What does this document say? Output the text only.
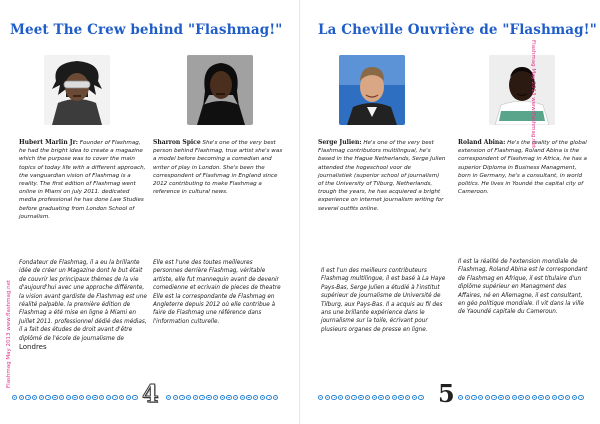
Meet The Crew behind "Flashmag!"
Hubert Marlin Jr: Founder of Flashmag, he had the bright idea to create a magazine which the purpose was to cover the main topics of today life with a different approach, the vanguardian vision of Flashmag is a reality. The first edition of Flashmag went online in Miami on july 2011. dedicated media professional he has done Law Studies before graduating from London School of journalism.
Sharron Spice She's one of the very best person behind Flashmag, true artist she's was a model before becoming a comedian and writer of play in London. She's been the correspondent of Flashmag in England since 2012 contributing to make Flashmag a reference in cultural news.
Fondateur de Flashmag, il a eu la brillante idée de créer un Magazine dont le but était de couvrir les principaux thèmes de la vie d'aujourd'hui avec une approche différente, la vision avant gardiste de Flashmag est une réalité palpable. la première édition de Flashmag a été mise en ligne à Miami en Juillet 2011. professionnel dédié des médias, il a fait des études de droit avant d'être diplômé de l'école de journalisme de Londres
Elle est l'une des toutes meilleures personnes derrière Flashmag, véritable artiste, elle fut mannequin avant de devenir comedienne et ecrivain de pieces de theatre Elle est la correspondante de Flashmag en Angleterre depuis 2012 où elle contribue à faire de Flashmag une référence dans l'information culturelle.
4
Flashmag May 2013 www.flashmag.net
La Cheville Ouvrière de "Flashmag!"
Serge Julien: He's one of the very best Flashmag contributors multilingual, he's based in the Hague Netherlands, Serge Julien attended the hogeschool voor de journalistiek (superior school of journalism) of the University of Tilburg, Netherlands, trough the years, he has acquiered a bright experience on internet journalism writing for several outfits online.
Roland Abina: He's the reality of the global extension of Flashmag, Roland Abina is the correspondent of Flashmag in Africa, he has a superior Diploma in Business Managment, born in Germany, he's a consultant, in world politics. He lives in Youndé the capital city of Cameroon.
Il est l'un des meilleurs contributeurs Flashmag multilingue, il est basé à La Haye Pays-Bas, Serge Julien a étudié à l'institut supérieur de journalisme de Université de Tilburg, aux Pays-Bas. Il a acquis au fil des ans une brillante expérience dans le journalisme sur la toile, écrivant pour plusieurs organes de presse en ligne.
Il est la réalité de l'extension mondiale de Flashmag, Roland Abina est le correspondant de Flashmag en Afrique, il est titulaire d'un diplôme supérieur en Managment des Affaires, né en Allemagne, il est consultant, en géo politique mondiale. Il vit dans la ville de Yaoundé capitale du Cameroun.
5
Flashmag May 2013 www.flashmag.net
